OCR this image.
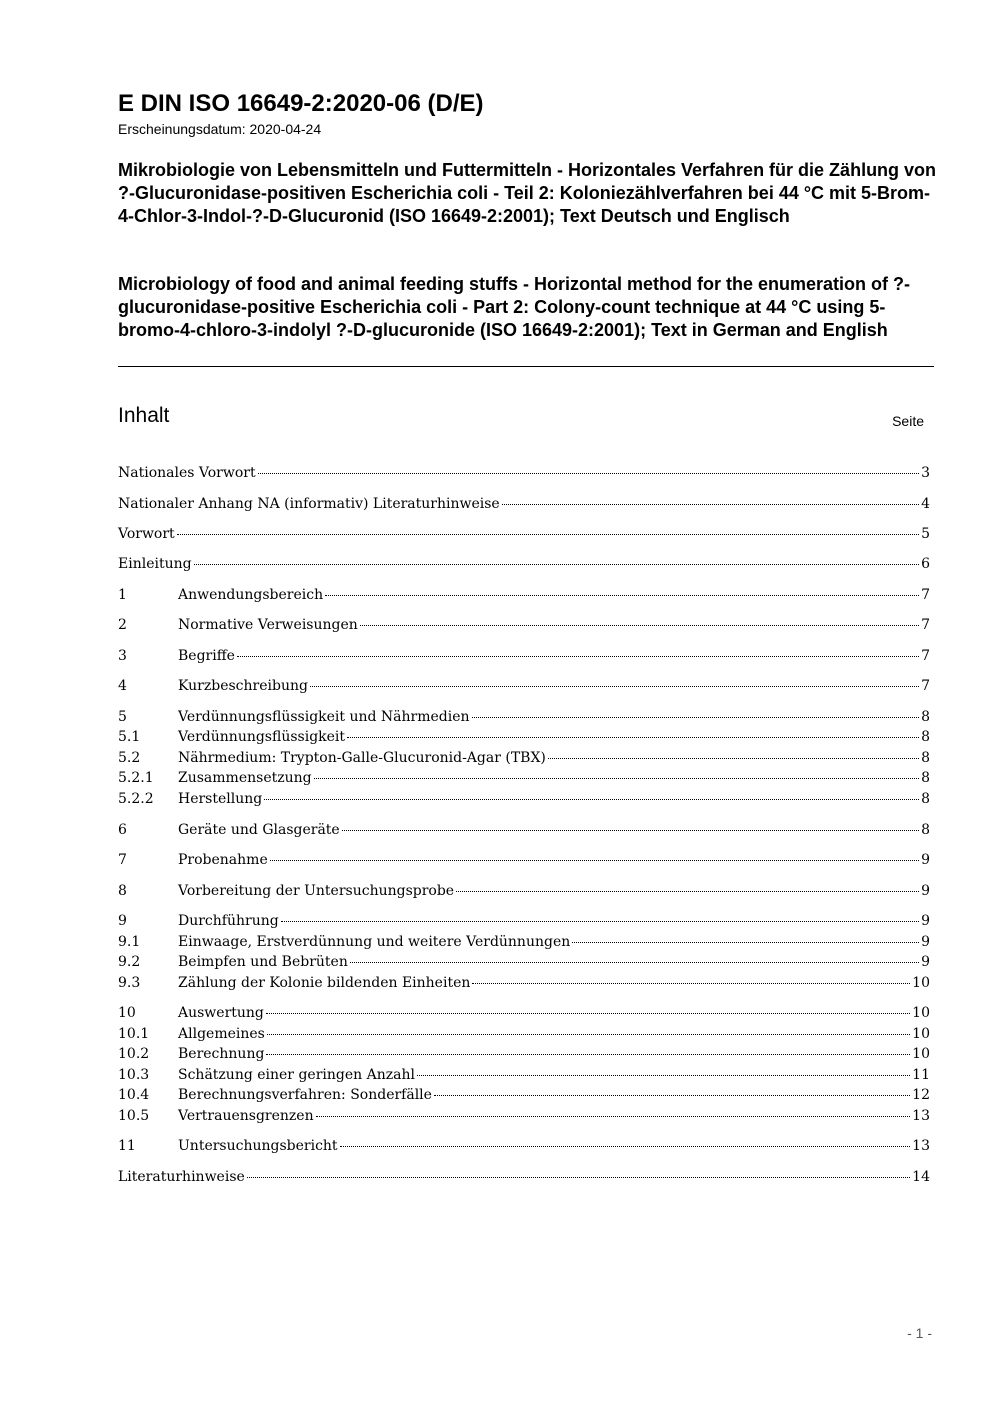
E DIN ISO 16649-2:2020-06 (D/E)
Erscheinungsdatum: 2020-04-24
Mikrobiologie von Lebensmitteln und Futtermitteln - Horizontales Verfahren für die Zählung von ?-Glucuronidase-positiven Escherichia coli - Teil 2: Koloniezählverfahren bei 44 °C mit 5-Brom-4-Chlor-3-Indol-?-D-Glucuronid (ISO 16649-2:2001); Text Deutsch und Englisch
Microbiology of food and animal feeding stuffs - Horizontal method for the enumeration of ?-glucuronidase-positive Escherichia coli - Part 2: Colony-count technique at 44 °C using 5-bromo-4-chloro-3-indolyl ?-D-glucuronide (ISO 16649-2:2001); Text in German and English
Inhalt	Seite
Nationales Vorwort	3
Nationaler Anhang NA (informativ) Literaturhinweise	4
Vorwort	5
Einleitung	6
1	Anwendungsbereich	7
2	Normative Verweisungen	7
3	Begriffe	7
4	Kurzbeschreibung	7
5	Verdünnungsflüssigkeit und Nährmedien	8
5.1	Verdünnungsflüssigkeit	8
5.2	Nährmedium: Trypton-Galle-Glucuronid-Agar (TBX)	8
5.2.1	Zusammensetzung	8
5.2.2	Herstellung	8
6	Geräte und Glasgeräte	8
7	Probenahme	9
8	Vorbereitung der Untersuchungsprobe	9
9	Durchführung	9
9.1	Einwaage, Erstverdünnung und weitere Verdünnungen	9
9.2	Beimpfen und Bebrüten	9
9.3	Zählung der Kolonie bildenden Einheiten	10
10	Auswertung	10
10.1	Allgemeines	10
10.2	Berechnung	10
10.3	Schätzung einer geringen Anzahl	11
10.4	Berechnungsverfahren: Sonderfälle	12
10.5	Vertrauensgrenzen	13
11	Untersuchungsbericht	13
Literaturhinweise	14
- 1 -
